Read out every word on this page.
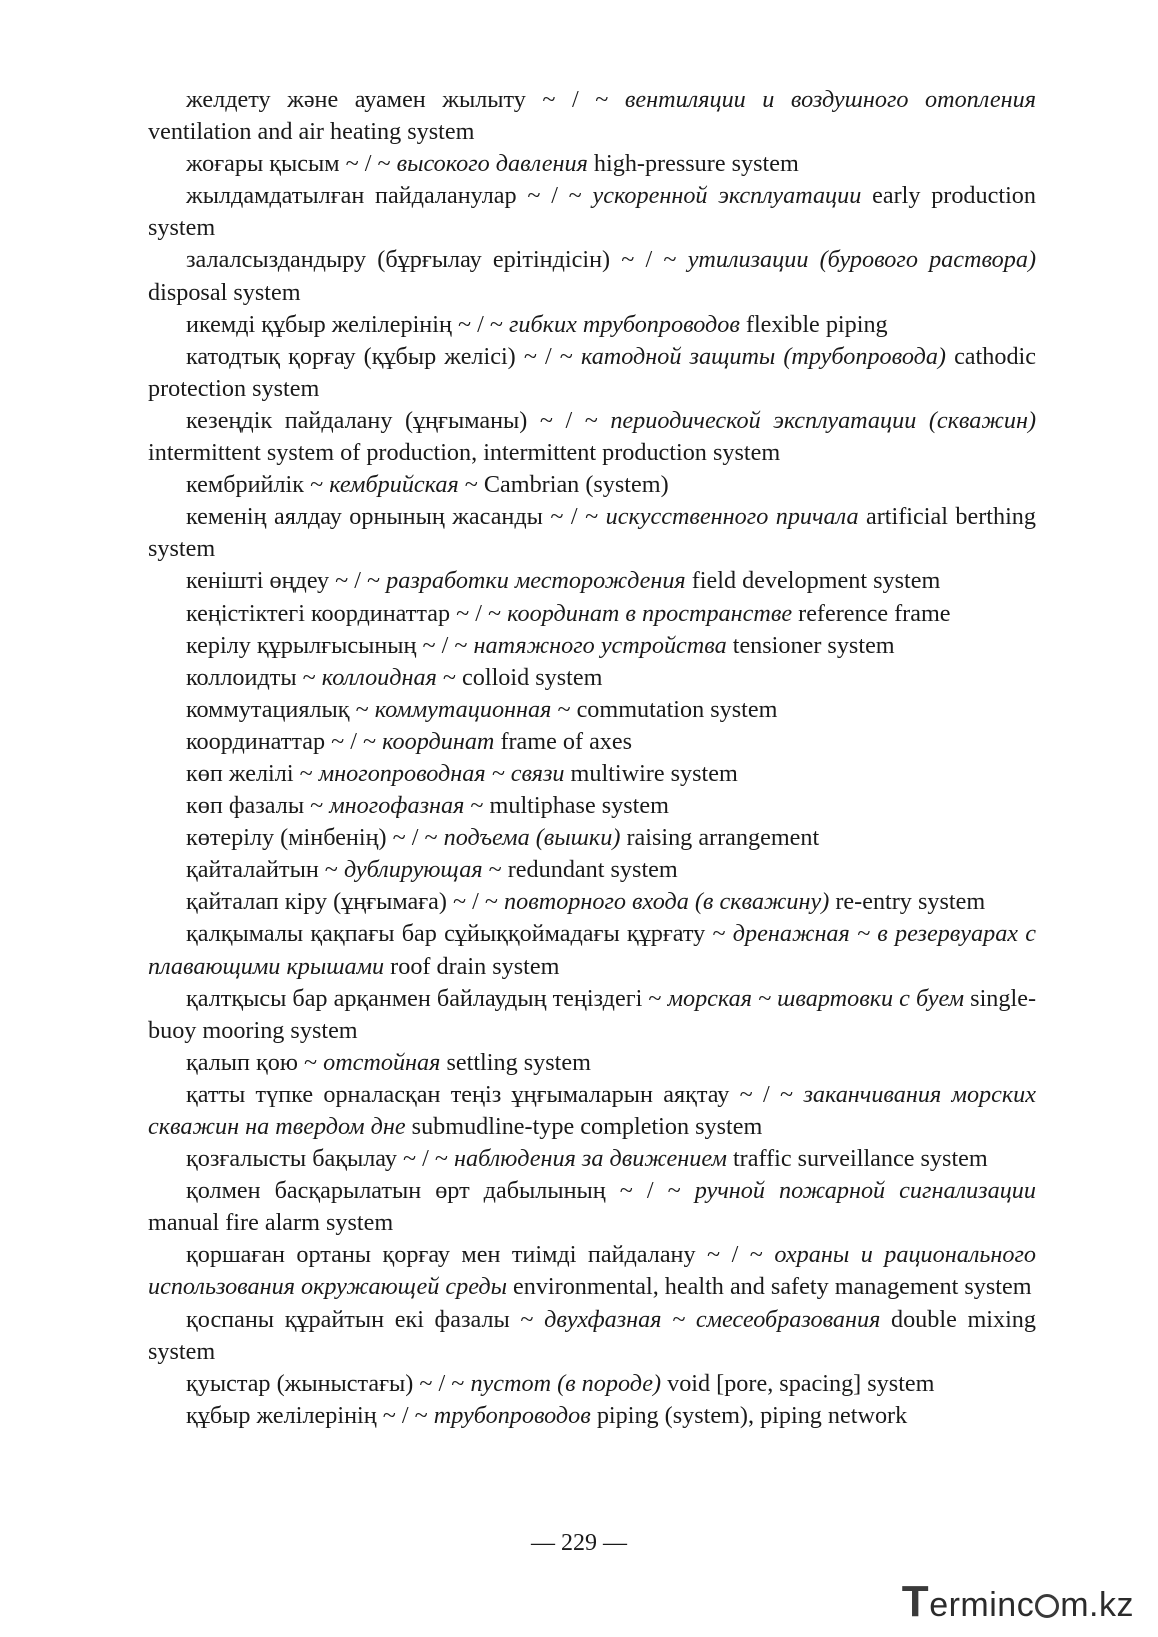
желдету және ауамен жылыту ~ / ~ вентиляции и воздушного отопления ventilation and air heating system

жоғары қысым ~ / ~ высокого давления high-pressure system

жылдамдатылған пайдаланулар ~ / ~ ускоренной эксплуатации early production system

залалсыздандыру (бұрғылау ерітіндісін) ~ / ~ утилизации (бурового раствора) disposal system

икемді құбыр желілерінің ~ / ~ гибких трубопроводов flexible piping

катодтық қорғау (құбыр желісі) ~ / ~ катодной защиты (трубопровода) cathodic protection system

кезеңдік пайдалану (ұңғыманы) ~ / ~ периодической эксплуатации (скважин) intermittent system of production, intermittent production system

кембрийлік ~ кембрийская ~ Cambrian (system)

кеменің аялдау орнының жасанды ~ / ~ искусственного причала artificial berthing system

кеніштi өңдеу ~ / ~ разработки месторождения field development system

кеңістіктегі координаттар ~ / ~ координат в пространстве reference frame

керiлу құрылғысының ~ / ~ натяжного устройства tensioner system

коллоидты ~ коллоидная ~ colloid system

коммутациялық ~ коммутационная ~ commutation system

координаттар ~ / ~ координат frame of axes

көп желілі ~ многопроводная ~ связи multiwire system

көп фазалы ~ многофазная ~ multiphase system

көтерілу (мінбенің) ~ / ~ подъема (вышки) raising arrangement

қайталайтын ~ дублирующая ~ redundant system

қайталап кіру (ұңғымаға) ~ / ~ повторного входа (в скважину) re-entry system

қалқымалы қақпағы бар сұйыққоймадағы құрғату ~ дренажная ~ в резервуарах с плавающими крышами roof drain system

қалтқысы бар арқанмен байлаудың теңіздегі ~ морская ~ швартовки с буем single-buoy mooring system

қалып қою ~ отстойная settling system

қатты түпке орналасқан теңіз ұңғымаларын аяқтау ~ / ~ заканчивания морских скважин на твердом дне submudline-type completion system

қозғалысты бақылау ~ / ~ наблюдения за движением traffic surveillance system

қолмен басқарылатын өрт дабылының ~ / ~ ручной пожарной сигнализации manual fire alarm system

қоршаған ортаны қорғау мен тиімді пайдалану ~ / ~ охраны и рационального использования окружающей среды environmental, health and safety management system

қоспаны құрайтын екі фазалы ~ двухфазная ~ смесеобразования double mixing system

қуыстар (жыныстағы) ~ / ~ пустот (в породе) void [pore, spacing] system

құбыр желілерінің ~ / ~ трубопроводов piping (system), piping network

— 229 —
Terminc m.kz
